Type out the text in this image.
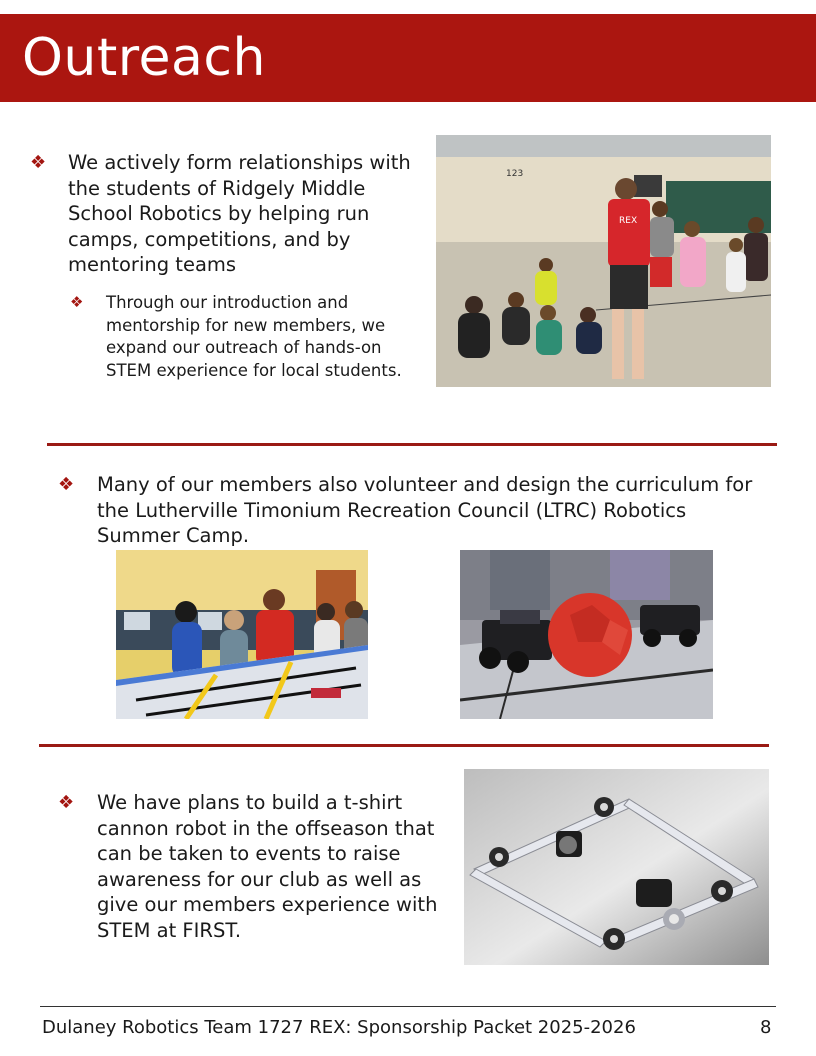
Outreach
❖	We actively form relationships with the students of Ridgely Middle School Robotics by helping run camps, competitions, and by mentoring teams

❖	Through our introduction and mentorship for new members, we expand our outreach of hands-on STEM experience for local students.

123
REX
❖	Many of our members also volunteer and design the curriculum for the Lutherville Timonium Recreation Council (LTRC) Robotics Summer Camp.

❖	We have plans to build a t-shirt cannon robot in the offseason that can be taken to events to raise awareness for our club as well as give our members experience with STEM at FIRST.

Dulaney Robotics Team 1727 REX: Sponsorship Packet 2025-2026	8
